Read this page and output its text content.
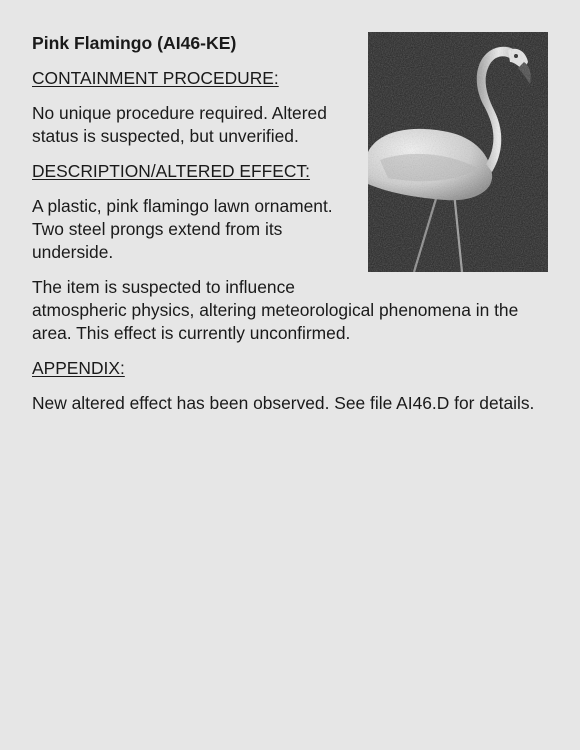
Pink Flamingo (AI46-KE)
CONTAINMENT PROCEDURE:

No unique procedure required. Altered status is suspected, but unverified.

DESCRIPTION/ALTERED EFFECT:

A plastic, pink flamingo lawn ornament. Two steel prongs extend from its underside.

The item is suspected to influence atmospheric physics, altering meteorological phenomena in the area. This effect is currently unconfirmed.

APPENDIX:

New altered effect has been observed. See file AI46.D for details.
